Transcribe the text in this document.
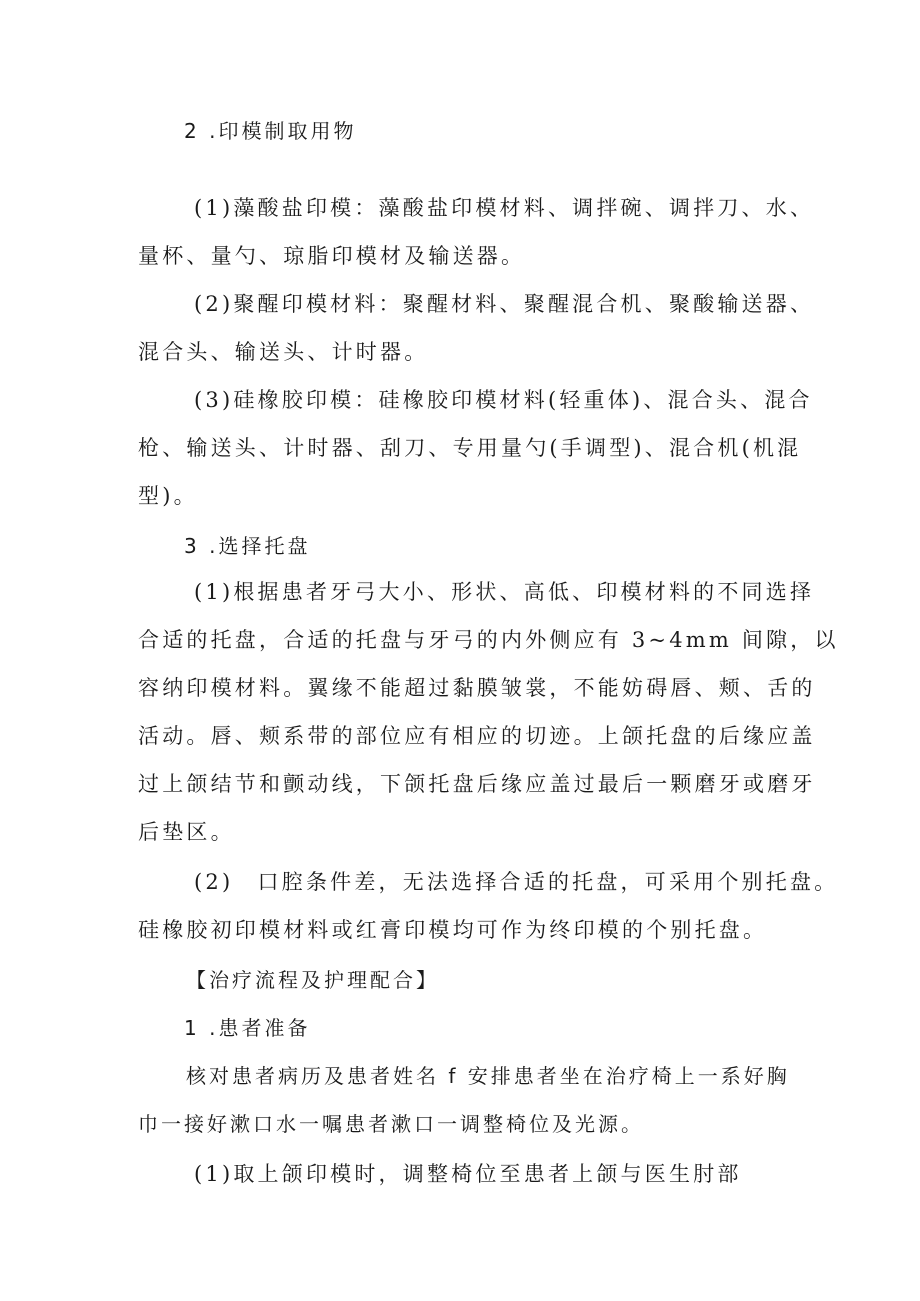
2 .印模制取用物
(1)藻酸盐印模：藻酸盐印模材料、调拌碗、调拌刀、水、
量杯、量勺、琼脂印模材及输送器。
(2)聚醒印模材料：聚醒材料、聚醒混合机、聚酸输送器、
混合头、输送头、计时器。
(3)硅橡胶印模：硅橡胶印模材料(轻重体)、混合头、混合
枪、输送头、计时器、刮刀、专用量勺(手调型)、混合机(机混
型)。
3 .选择托盘
(1)根据患者牙弓大小、形状、高低、印模材料的不同选择
合适的托盘，合适的托盘与牙弓的内外侧应有 3~4mm 间隙，以
容纳印模材料。翼缘不能超过黏膜皱裳，不能妨碍唇、颊、舌的
活动。唇、颊系带的部位应有相应的切迹。上颌托盘的后缘应盖
过上颌结节和颤动线，下颌托盘后缘应盖过最后一颗磨牙或磨牙
后垫区。
(2)　口腔条件差，无法选择合适的托盘，可采用个别托盘。
硅橡胶初印模材料或红膏印模均可作为终印模的个别托盘。
【治疗流程及护理配合】
1 .患者准备
核对患者病历及患者姓名 f 安排患者坐在治疗椅上一系好胸
巾一接好漱口水一嘱患者漱口一调整椅位及光源。
(1)取上颌印模时，调整椅位至患者上颌与医生肘部
